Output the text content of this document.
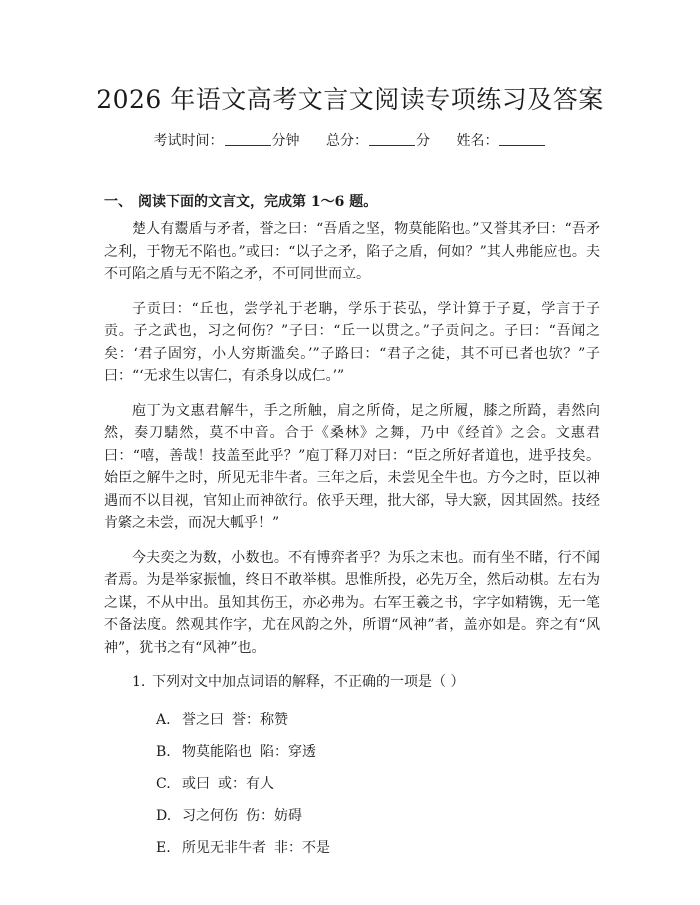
2026 年语文高考文言文阅读专项练习及答案
考试时间：	分钟 总分：	分 姓名：
一、 阅读下面的文言文，完成第 1～6 题。

楚人有鬻盾与矛者，誉之曰：“吾盾之坚，物莫能陷也。”又誉其矛曰：“吾矛之利，于物无不陷也。”或曰：“以子之矛，陷子之盾，何如？”其人弗能应也。夫不可陷之盾与无不陷之矛，不可同世而立。

子贡曰：“丘也，尝学礼于老聃，学乐于苌弘，学计算于子夏，学言于子贡。子之武也，习之何伤？”子曰：“丘一以贯之。”子贡问之。子曰：“吾闻之矣：‘君子固穷，小人穷斯滥矣。’”子路曰：“君子之徒，其不可已者也欤？”子曰：“‘无求生以害仁，有杀身以成仁。’”

庖丁为文惠君解牛，手之所触，肩之所倚，足之所履，膝之所踦，砉然向然，奏刀騞然，莫不中音。合于《桑林》之舞，乃中《经首》之会。文惠君曰：“嘻，善哉！技盖至此乎？”庖丁释刀对曰：“臣之所好者道也，进乎技矣。始臣之解牛之时，所见无非牛者。三年之后，未尝见全牛也。方今之时，臣以神遇而不以目视，官知止而神欲行。依乎天理，批大郤，导大窾，因其固然。技经肯綮之未尝，而况大軱乎！”

今夫奕之为数，小数也。不有博弈者乎？为乐之末也。而有坐不睹，行不闻者焉。为是举家振恤，终日不敢举棋。思惟所投，必先万全，然后动棋。左右为之谋，不从中出。虽知其伤王，亦必弗为。右军王羲之书，字字如精镌，无一笔不备法度。然观其作字，尤在风韵之外，所谓“风神”者，盖亦如是。弈之有“风神”，犹书之有“风神”也。

1. 下列对文中加点词语的解释，不正确的一项是（ ）
A. 誉之曰 誉：称赞
B. 物莫能陷也 陷：穿透
C. 或曰 或：有人
D. 习之何伤 伤：妨碍
E. 所见无非牛者 非：不是
